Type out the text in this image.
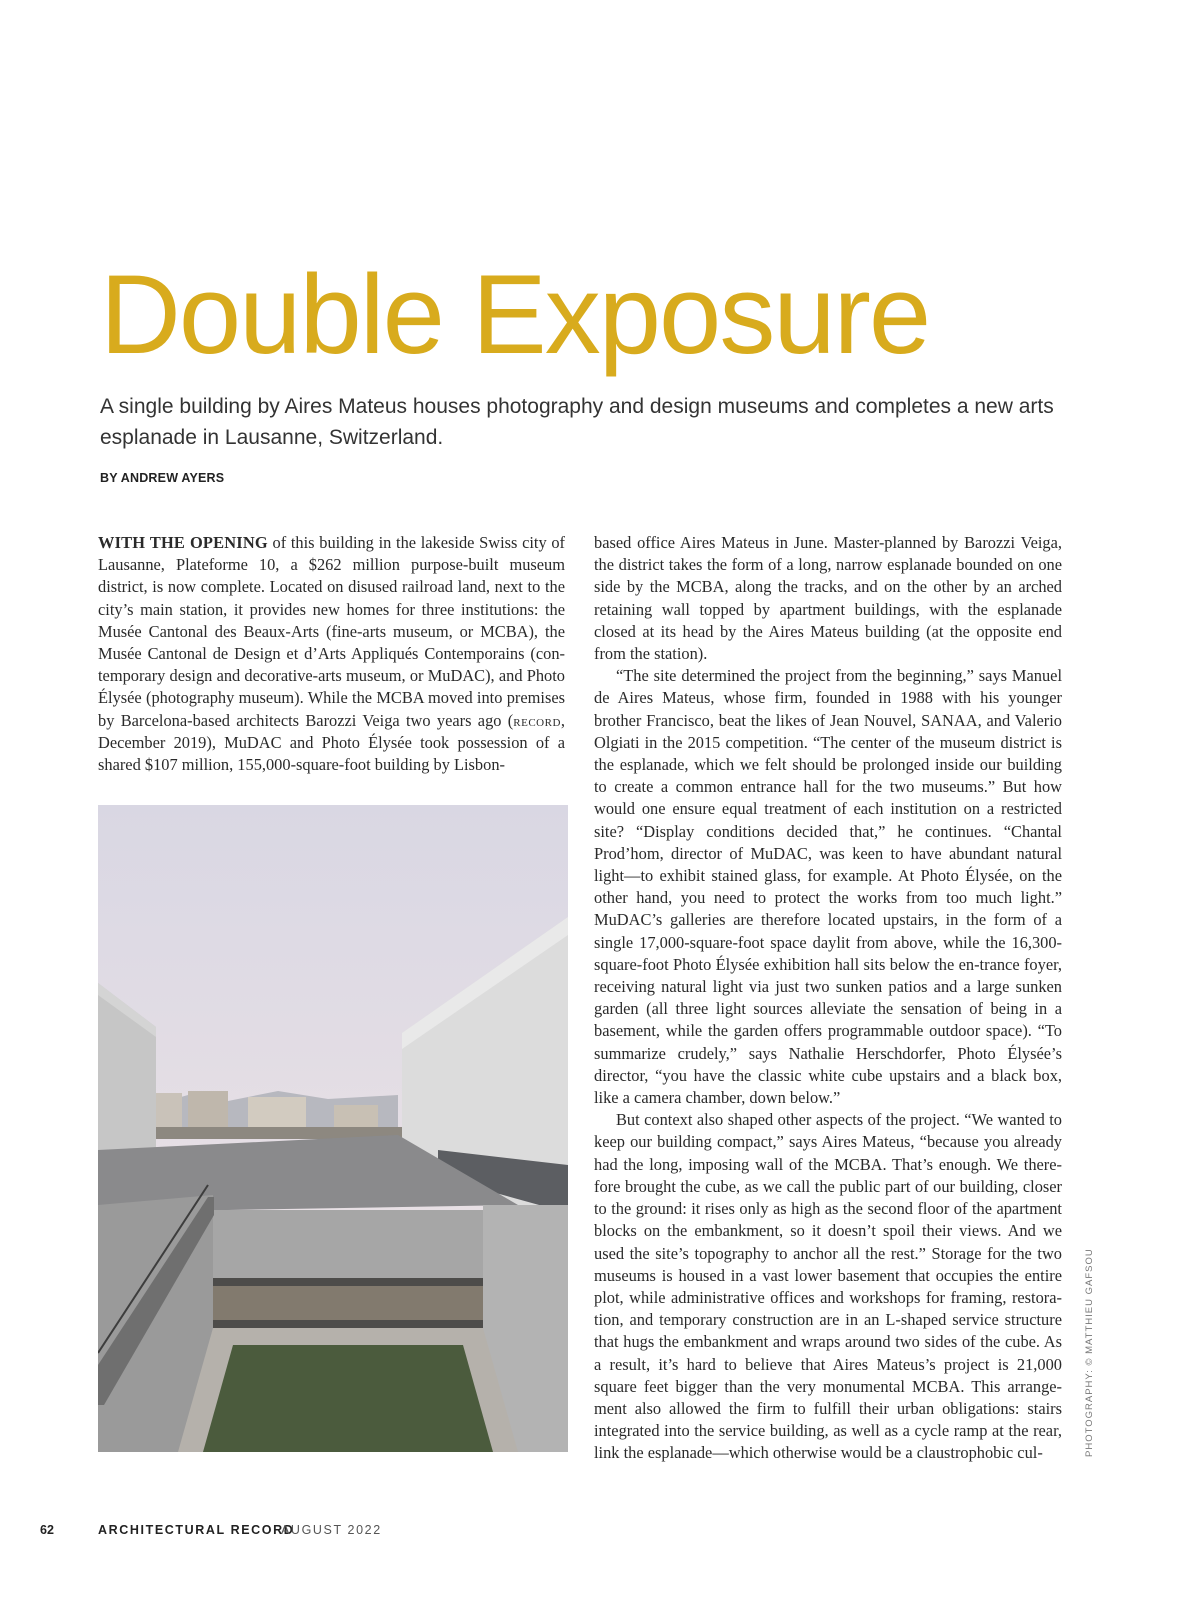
Double Exposure

A single building by Aires Mateus houses photography and design museums and completes a new arts esplanade in Lausanne, Switzerland.

BY ANDREW AYERS

WITH THE OPENING of this building in the lakeside Swiss city of Lausanne, Plateforme 10, a $262 million purpose-built museum district, is now complete. Located on disused railroad land, next to the city’s main station, it provides new homes for three institutions: the Musée Cantonal des Beaux-Arts (fine-arts museum, or MCBA), the Musée Cantonal de Design et d’Arts Appliqués Contemporains (con-temporary design and decorative-arts museum, or MuDAC), and Photo Élysée (photography museum). While the MCBA moved into premises by Barcelona-based architects Barozzi Veiga two years ago (record, December 2019), MuDAC and Photo Élysée took possession of a shared $107 million, 155,000-square-foot building by Lisbon-

based office Aires Mateus in June. Master-planned by Barozzi Veiga, the district takes the form of a long, narrow esplanade bounded on one side by the MCBA, along the tracks, and on the other by an arched retaining wall topped by apartment buildings, with the esplanade closed at its head by the Aires Mateus building (at the opposite end from the station).

“The site determined the project from the beginning,” says Manuel de Aires Mateus, whose firm, founded in 1988 with his younger brother Francisco, beat the likes of Jean Nouvel, SANAA, and Valerio Olgiati in the 2015 competition. “The center of the museum district is the esplanade, which we felt should be prolonged inside our building to create a common entrance hall for the two museums.” But how would one ensure equal treatment of each institution on a restricted site? “Display conditions decided that,” he continues. “Chantal Prod’hom, director of MuDAC, was keen to have abundant natural light—to exhibit stained glass, for example. At Photo Élysée, on the other hand, you need to protect the works from too much light.” MuDAC’s galleries are therefore located upstairs, in the form of a single 17,000-square-foot space daylit from above, while the 16,300-square-foot Photo Élysée exhibition hall sits below the en-trance foyer, receiving natural light via just two sunken patios and a large sunken garden (all three light sources alleviate the sensation of being in a basement, while the garden offers programmable outdoor space). “To summarize crudely,” says Nathalie Herschdorfer, Photo Élysée’s director, “you have the classic white cube upstairs and a black box, like a camera chamber, down below.”

But context also shaped other aspects of the project. “We wanted to keep our building compact,” says Aires Mateus, “because you already had the long, imposing wall of the MCBA. That’s enough. We there-fore brought the cube, as we call the public part of our building, closer to the ground: it rises only as high as the second floor of the apartment blocks on the embankment, so it doesn’t spoil their views. And we used the site’s topography to anchor all the rest.” Storage for the two museums is housed in a vast lower basement that occupies the entire plot, while administrative offices and workshops for framing, restora-tion, and temporary construction are in an L-shaped service structure that hugs the embankment and wraps around two sides of the cube. As a result, it’s hard to believe that Aires Mateus’s project is 21,000 square feet bigger than the very monumental MCBA. This arrange-ment also allowed the firm to fulfill their urban obligations: stairs integrated into the service building, as well as a cycle ramp at the rear, link the esplanade—which otherwise would be a claustrophobic cul-	PHOTOGRAPHY: © MATTHIEU GAFSOU

62	ARCHITECTURAL RECORD
AUGUST 2022
